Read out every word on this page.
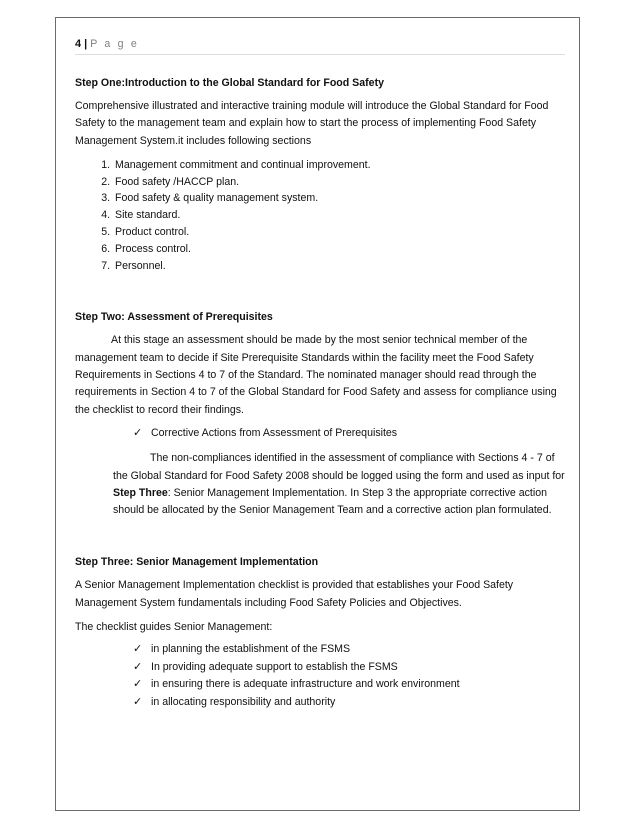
4 | P a g e
Step One:Introduction to the Global Standard for Food Safety

Comprehensive illustrated and interactive training module will introduce the Global Standard for Food Safety to the management team and explain how to start the process of implementing Food Safety Management System.it includes following sections

1. Management commitment and continual improvement.
2. Food safety /HACCP plan.
3. Food safety & quality management system.
4. Site standard.
5. Product control.
6. Process control.
7. Personnel.
Step Two: Assessment of Prerequisites

At this stage an assessment should be made by the most senior technical member of the management team to decide if Site Prerequisite Standards within the facility meet the Food Safety Requirements in Sections 4 to 7 of the Standard. The nominated manager should read through the requirements in Section 4 to 7 of the Global Standard for Food Safety and assess for compliance using the checklist to record their findings.

✓ Corrective Actions from Assessment of Prerequisites

The non-compliances identified in the assessment of compliance with Sections 4 - 7 of the Global Standard for Food Safety 2008 should be logged using the form and used as input for Step Three: Senior Management Implementation. In Step 3 the appropriate corrective action should be allocated by the Senior Management Team and a corrective action plan formulated.

Step Three: Senior Management Implementation

A Senior Management Implementation checklist is provided that establishes your Food Safety Management System fundamentals including Food Safety Policies and Objectives.

The checklist guides Senior Management:

✓ in planning the establishment of the FSMS
✓ In providing adequate support to establish the FSMS
✓ in ensuring there is adequate infrastructure and work environment
✓ in allocating responsibility and authority
